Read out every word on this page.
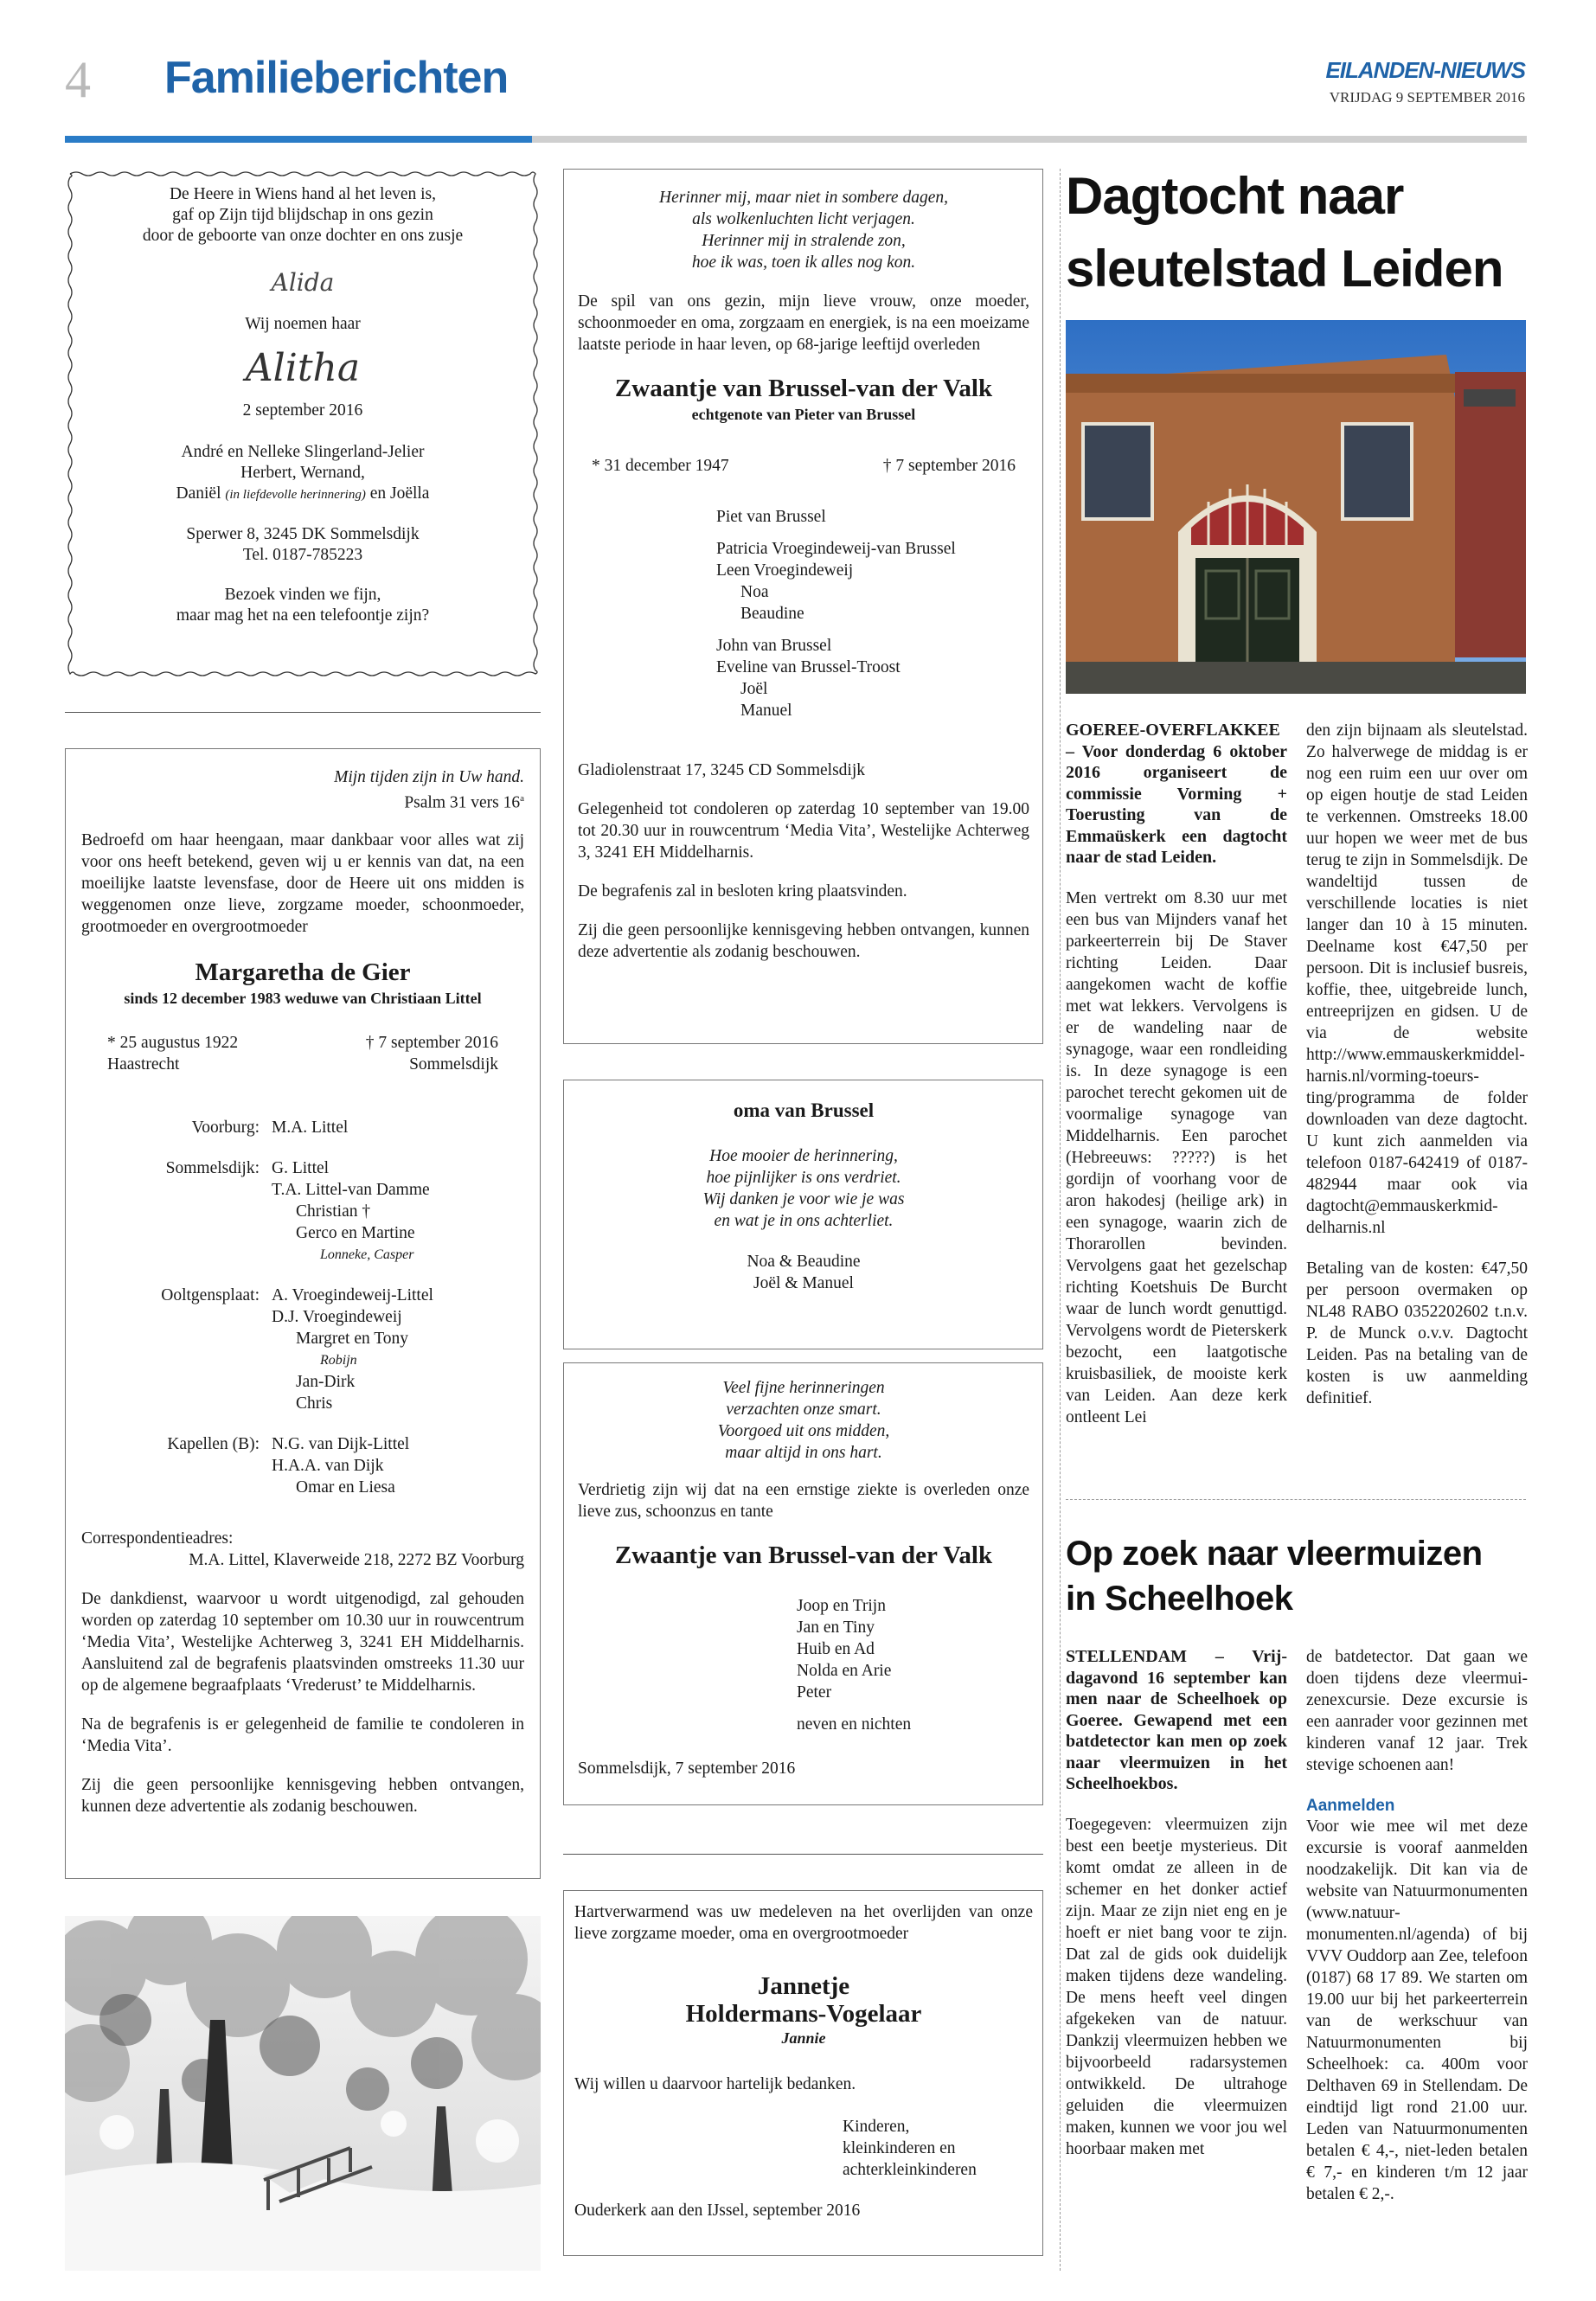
4 Familieberichten	EILANDEN-NIEUWS
VRIJDAG 9 SEPTEMBER 2016
De Heere in Wiens hand al het leven is,
gaf op Zijn tijd blijdschap in ons gezin
door de geboorte van onze dochter en ons zusje
Alida
Wij noemen haar
Alitha
2 september 2016
André en Nelleke Slingerland-Jelier
Herbert, Wernand,
Daniël (in liefdevolle herinnering) en Joëlla
Sperwer 8, 3245 DK Sommelsdijk
Tel. 0187-785223
Bezoek vinden we fijn,
maar mag het na een telefoontje zijn?
Mijn tijden zijn in Uw hand.
Psalm 31 vers 16$^a$

Bedroefd om haar heengaan, maar dankbaar voor alles wat zij voor ons heeft betekend, geven wij u er kennis van dat, na een moeilijke laatste levensfase, door de Heere uit ons midden is weggenomen onze lieve, zorgzame moeder, schoonmoeder, grootmoeder en overgrootmoeder

Margaretha de Gier
sinds 12 december 1983 weduwe van Christiaan Littel
* 25 augustus 1922
Haastrecht
† 7 september 2016
Sommelsdijk
Voorburg: M.A. Littel
Sommelsdijk: G. Littel
T.A. Littel-van Damme
Christian †
Gerco en Martine
Lonneke, Casper
Ooltgensplaat: A. Vroegindeweij-Littel
D.J. Vroegindeweij
Margret en Tony
Robijn
Jan-Dirk
Chris
Kapellen (B): N.G. van Dijk-Littel
H.A.A. van Dijk
Omar en Liesa
Correspondentieadres:
M.A. Littel, Klaverweide 218, 2272 BZ Voorburg

De dankdienst, waarvoor u wordt uitgenodigd, zal gehouden worden op zaterdag 10 september om 10.30 uur in rouwcentrum ‘Media Vita’, Westelijke Achterweg 3, 3241 EH Middelharnis. Aansluitend zal de begrafenis plaatsvinden omstreeks 11.30 uur op de algemene begraafplaats ‘Vrederust’ te Middelharnis.

Na de begrafenis is er gelegenheid de familie te condoleren in ‘Media Vita’.

Zij die geen persoonlijke kennisgeving hebben ontvangen, kunnen deze advertentie als zodanig beschouwen.

Herinner mij, maar niet in sombere dagen,
als wolkenluchten licht verjagen.
Herinner mij in stralende zon,
hoe ik was, toen ik alles nog kon.

De spil van ons gezin, mijn lieve vrouw, onze moeder, schoonmoeder en oma, zorgzaam en energiek, is na een moeizame laatste periode in haar leven, op 68-jarige leeftijd overleden

Zwaantje van Brussel-van der Valk
echtgenote van Pieter van Brussel
* 31 december 1947	† 7 september 2016
Piet van Brussel
Patricia Vroegindeweij-van Brussel
Leen Vroegindeweij
Noa
Beaudine
John van Brussel
Eveline van Brussel-Troost
Joël
Manuel
Gladiolenstraat 17, 3245 CD Sommelsdijk

Gelegenheid tot condoleren op zaterdag 10 september van 19.00 tot 20.30 uur in rouwcentrum ‘Media Vita’, Westelijke Achterweg 3, 3241 EH Middelharnis.

De begrafenis zal in besloten kring plaatsvinden.

Zij die geen persoonlijke kennisgeving hebben ontvangen, kunnen deze advertentie als zodanig beschouwen.

oma van Brussel
Hoe mooier de herinnering,
hoe pijnlijker is ons verdriet.
Wij danken je voor wie je was
en wat je in ons achterliet.
Noa & Beaudine
Joël & Manuel
Veel fijne herinneringen
verzachten onze smart.
Voorgoed uit ons midden,
maar altijd in ons hart.

Verdrietig zijn wij dat na een ernstige ziekte is overleden onze lieve zus, schoonzus en tante

Zwaantje van Brussel-van der Valk
Joop en Trijn
Jan en Tiny
Huib en Ad
Nolda en Arie
Peter
neven en nichten
Sommelsdijk, 7 september 2016

Hartverwarmend was uw medeleven na het overlijden van onze lieve zorgzame moeder, oma en overgrootmoeder

Jannetje
Holdermans-Vogelaar
Jannie
Wij willen u daarvoor hartelijk bedanken.
Kinderen,
kleinkinderen en
achterkleinkinderen
Ouderkerk aan den IJssel, september 2016
Dagtocht naar
sleutelstad Leiden

GOEREE-OVERFLAKKEE – Voor donderdag 6 oktober 2016 organiseert de commissie Vorming + Toerusting van de Emmaüskerk een dagtocht naar de stad Leiden.

Men vertrekt om 8.30 uur met een bus van Mijnders vanaf het parkeerterrein bij De Staver richting Leiden. Daar aangekomen wacht de koffie met wat lekkers. Vervolgens is er de wandeling naar de synagoge, waar een rondleiding is. In deze synagoge is een parochet terecht gekomen uit de voormalige synagoge van Middelharnis. Een parochet (Hebreeuws: ?????) is het gordijn of voorhang voor de aron hakodesj (heilige ark) in een synagoge, waarin zich de Thorarollen bevinden. Vervolgens gaat het gezelschap richting Koetshuis De Burcht waar de lunch wordt genuttigd. Vervolgens wordt de Pieterskerk bezocht, een laatgotische kruisbasiliek, de mooiste kerk van Leiden. Aan deze kerk ontleent Lei

den zijn bijnaam als sleutelstad. Zo halverwege de middag is er nog een ruim een uur over om op eigen houtje de stad Leiden te verkennen. Omstreeks 18.00 uur hopen we weer met de bus terug te zijn in Sommelsdijk. De wandeltijd tussen de verschillende locaties is niet langer dan 10 à 15 minuten. Deelname kost €47,50 per persoon. Dit is inclusief busreis, koffie, thee, uitgebreide lunch, entreeprijzen en gidsen. U de via de website http://www.emmauskerkmiddelharnis.nl/vorming-toeursting/programma de folder downloaden van deze dagtocht. U kunt zich aanmelden via telefoon 0187-642419 of 0187-482944 maar ook via dagtocht@emmauskerkmiddelharnis.nl

Betaling van de kosten: €47,50 per persoon overmaken op NL48 RABO 0352202602 t.n.v. P. de Munck o.v.v. Dagtocht Leiden. Pas na betaling van de kosten is uw aanmelding definitief.

Op zoek naar vleermuizen
in Scheelhoek

STELLENDAM – Vrijdagavond 16 september kan men naar de Scheelhoek op Goeree. Gewapend met een batdetector kan men op zoek naar vleermuizen in het Scheelhoekbos.

Toegegeven: vleermuizen zijn best een beetje mysterieus. Dit komt omdat ze alleen in de schemer en het donker actief zijn. Maar ze zijn niet eng en je hoeft er niet bang voor te zijn. Dat zal de gids ook duidelijk maken tijdens deze wandeling. De mens heeft veel dingen afgekeken van de natuur. Dankzij vleermuizen hebben we bijvoorbeeld radarsystemen ontwikkeld. De ultrahoge geluiden die vleermuizen maken, kunnen we voor jou wel hoorbaar maken met

de batdetector. Dat gaan we doen tijdens deze vleermuizenexcursie. Deze excursie is een aanrader voor gezinnen met kinderen vanaf 12 jaar. Trek stevige schoenen aan!

Aanmelden

Voor wie mee wil met deze excursie is vooraf aanmelden noodzakelijk. Dit kan via de website van Natuurmonumenten (www.natuurmonumenten.nl/agenda) of bij VVV Ouddorp aan Zee, telefoon (0187) 68 17 89. We starten om 19.00 uur bij het parkeerterrein van de werkschuur van Natuurmonumenten bij Scheelhoek: ca. 400m voor Delthaven 69 in Stellendam. De eindtijd ligt rond 21.00 uur. Leden van Natuurmonumenten betalen € 4,-, niet-leden betalen € 7,- en kinderen t/m 12 jaar betalen € 2,-.
